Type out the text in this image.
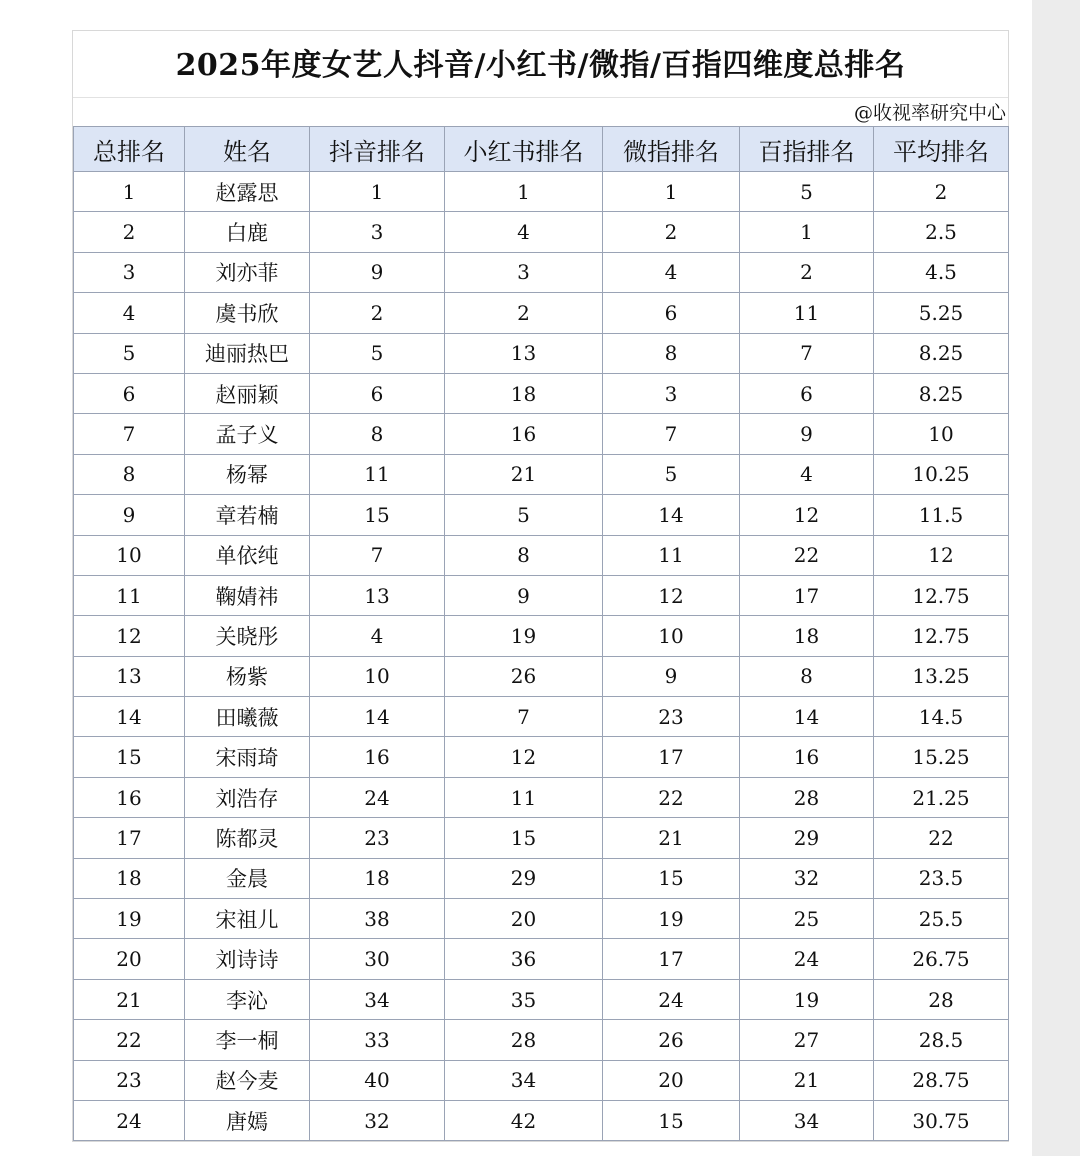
2025年度女艺人抖音/小红书/微指/百指四维度总排名
@收视率研究中心
总排名	姓名	抖音排名	小红书排名	微指排名	百指排名	平均排名
1	赵露思	1	1	1	5	2
2	白鹿	3	4	2	1	2.5
3	刘亦菲	9	3	4	2	4.5
4	虞书欣	2	2	6	11	5.25
5	迪丽热巴	5	13	8	7	8.25
6	赵丽颖	6	18	3	6	8.25
7	孟子义	8	16	7	9	10
8	杨幂	11	21	5	4	10.25
9	章若楠	15	5	14	12	11.5
10	单依纯	7	8	11	22	12
11	鞠婧祎	13	9	12	17	12.75
12	关晓彤	4	19	10	18	12.75
13	杨紫	10	26	9	8	13.25
14	田曦薇	14	7	23	14	14.5
15	宋雨琦	16	12	17	16	15.25
16	刘浩存	24	11	22	28	21.25
17	陈都灵	23	15	21	29	22
18	金晨	18	29	15	32	23.5
19	宋祖儿	38	20	19	25	25.5
20	刘诗诗	30	36	17	24	26.75
21	李沁	34	35	24	19	28
22	李一桐	33	28	26	27	28.5
23	赵今麦	40	34	20	21	28.75
24	唐嫣	32	42	15	34	30.75
